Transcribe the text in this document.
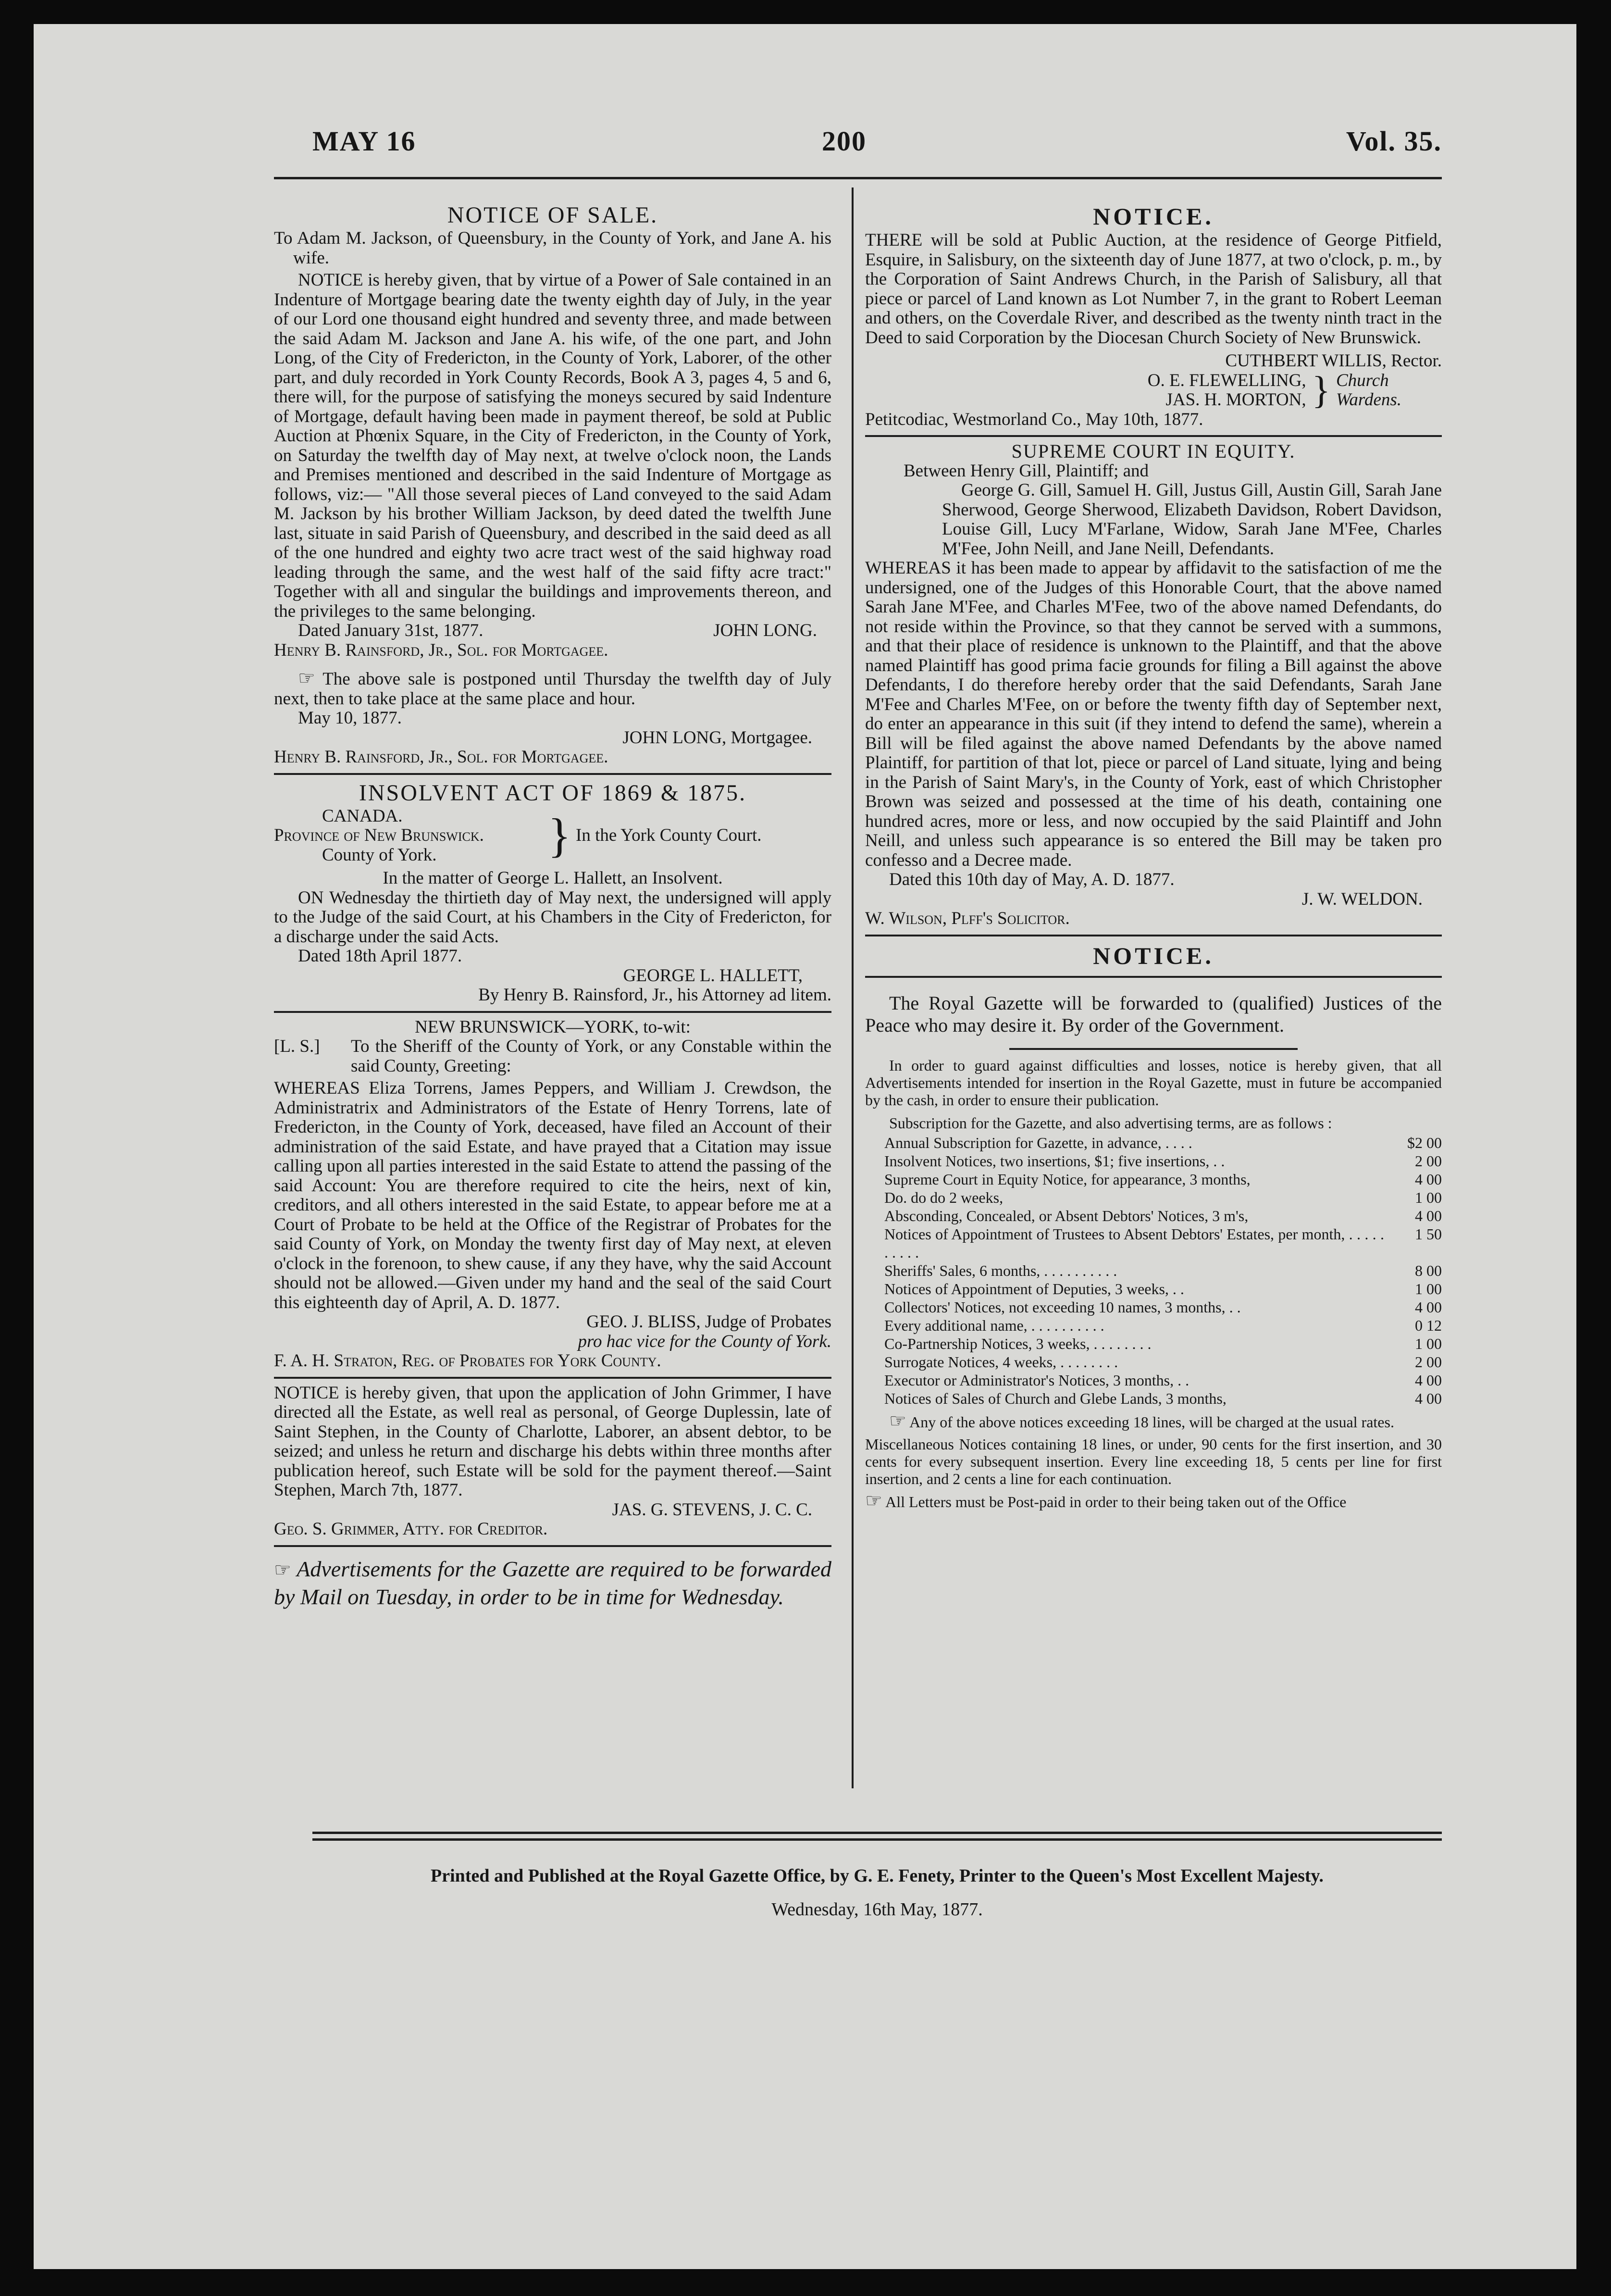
MAY 16	200	Vol. 35.

NOTICE OF SALE.

To Adam M. Jackson, of Queensbury, in the County of York, and Jane A. his wife.

NOTICE is hereby given, that by virtue of a Power of Sale contained in an Indenture of Mortgage bearing date the twenty eighth day of July, in the year of our Lord one thousand eight hundred and seventy three, and made between the said Adam M. Jackson and Jane A. his wife, of the one part, and John Long, of the City of Fredericton, in the County of York, Laborer, of the other part, and duly recorded in York County Records, Book A 3, pages 4, 5 and 6, there will, for the purpose of satisfying the moneys secured by said Indenture of Mortgage, default having been made in payment thereof, be sold at Public Auction at Phœnix Square, in the City of Fredericton, in the County of York, on Saturday the twelfth day of May next, at twelve o'clock noon, the Lands and Premises mentioned and described in the said Indenture of Mortgage as follows, viz:— "All those several pieces of Land conveyed to the said Adam M. Jackson by his brother William Jackson, by deed dated the twelfth June last, situate in said Parish of Queensbury, and described in the said deed as all of the one hundred and eighty two acre tract west of the said highway road leading through the same, and the west half of the said fifty acre tract:" Together with all and singular the buildings and improvements thereon, and the privileges to the same belonging.

Dated January 31st, 1877.	JOHN LONG.

Henry B. Rainsford, Jr., Sol. for Mortgagee.

☞ The above sale is postponed until Thursday the twelfth day of July next, then to take place at the same place and hour.

May 10, 1877.

JOHN LONG, Mortgagee.

Henry B. Rainsford, Jr., Sol. for Mortgagee.

INSOLVENT ACT OF 1869 & 1875.

CANADA.

Province of New Brunswick.

County of York.	} In the York County Court.

In the matter of George L. Hallett, an Insolvent.

ON Wednesday the thirtieth day of May next, the undersigned will apply to the Judge of the said Court, at his Chambers in the City of Fredericton, for a discharge under the said Acts.

Dated 18th April 1877.

GEORGE L. HALLETT,

By Henry B. Rainsford, Jr., his Attorney ad litem.

NEW BRUNSWICK—YORK, to-wit:

[L. S.]	To the Sheriff of the County of York, or any Constable within the said County, Greeting:

WHEREAS Eliza Torrens, James Peppers, and William J. Crewdson, the Administratrix and Administrators of the Estate of Henry Torrens, late of Fredericton, in the County of York, deceased, have filed an Account of their administration of the said Estate, and have prayed that a Citation may issue calling upon all parties interested in the said Estate to attend the passing of the said Account: You are therefore required to cite the heirs, next of kin, creditors, and all others interested in the said Estate, to appear before me at a Court of Probate to be held at the Office of the Registrar of Probates for the said County of York, on Monday the twenty first day of May next, at eleven o'clock in the forenoon, to shew cause, if any they have, why the said Account should not be allowed.—Given under my hand and the seal of the said Court this eighteenth day of April, A. D. 1877.

GEO. J. BLISS, Judge of Probates

pro hac vice for the County of York.

F. A. H. Straton, Reg. of Probates for York County.

NOTICE is hereby given, that upon the application of John Grimmer, I have directed all the Estate, as well real as personal, of George Duplessin, late of Saint Stephen, in the County of Charlotte, Laborer, an absent debtor, to be seized; and unless he return and discharge his debts within three months after publication hereof, such Estate will be sold for the payment thereof.—Saint Stephen, March 7th, 1877.

JAS. G. STEVENS, J. C. C.

Geo. S. Grimmer, Atty. for Creditor.

☞ Advertisements for the Gazette are required to be forwarded by Mail on Tuesday, in order to be in time for Wednesday.

NOTICE.

THERE will be sold at Public Auction, at the residence of George Pitfield, Esquire, in Salisbury, on the sixteenth day of June 1877, at two o'clock, p. m., by the Corporation of Saint Andrews Church, in the Parish of Salisbury, all that piece or parcel of Land known as Lot Number 7, in the grant to Robert Leeman and others, on the Coverdale River, and described as the twenty ninth tract in the Deed to said Corporation by the Diocesan Church Society of New Brunswick.

CUTHBERT WILLIS, Rector.

O. E. FLEWELLING,

JAS. H. MORTON, } Church

Wardens.

Petitcodiac, Westmorland Co., May 10th, 1877.

SUPREME COURT IN EQUITY.

Between Henry Gill, Plaintiff; and

George G. Gill, Samuel H. Gill, Justus Gill, Austin Gill, Sarah Jane Sherwood, George Sherwood, Elizabeth Davidson, Robert Davidson, Louise Gill, Lucy M'Farlane, Widow, Sarah Jane M'Fee, Charles M'Fee, John Neill, and Jane Neill, Defendants.

WHEREAS it has been made to appear by affidavit to the satisfaction of me the undersigned, one of the Judges of this Honorable Court, that the above named Sarah Jane M'Fee, and Charles M'Fee, two of the above named Defendants, do not reside within the Province, so that they cannot be served with a summons, and that their place of residence is unknown to the Plaintiff, and that the above named Plaintiff has good prima facie grounds for filing a Bill against the above Defendants, I do therefore hereby order that the said Defendants, Sarah Jane M'Fee and Charles M'Fee, on or before the twenty fifth day of September next, do enter an appearance in this suit (if they intend to defend the same), wherein a Bill will be filed against the above named Defendants by the above named Plaintiff, for partition of that lot, piece or parcel of Land situate, lying and being in the Parish of Saint Mary's, in the County of York, east of which Christopher Brown was seized and possessed at the time of his death, containing one hundred acres, more or less, and now occupied by the said Plaintiff and John Neill, and unless such appearance is so entered the Bill may be taken pro confesso and a Decree made.

Dated this 10th day of May, A. D. 1877.

J. W. WELDON.

W. Wilson, Plff's Solicitor.

NOTICE.

The Royal Gazette will be forwarded to (qualified) Justices of the Peace who may desire it. By order of the Government.

In order to guard against difficulties and losses, notice is hereby given, that all Advertisements intended for insertion in the Royal Gazette, must in future be accompanied by the cash, in order to ensure their publication.

Subscription for the Gazette, and also advertising terms, are as follows :

Annual Subscription for Gazette, in advance, . . . .	$2 00
Insolvent Notices, two insertions, $1; five insertions, . .	2 00
Supreme Court in Equity Notice, for appearance, 3 months,	4 00
Do. do do 2 weeks,	1 00
Absconding, Concealed, or Absent Debtors' Notices, 3 m's,	4 00
Notices of Appointment of Trustees to Absent Debtors' Estates, per month, . . . . . . . . . .
1 50
Sheriffs' Sales, 6 months, . . . . . . . . . .	8 00
Notices of Appointment of Deputies, 3 weeks, . .	1 00
Collectors' Notices, not exceeding 10 names, 3 months, . .	4 00
Every additional name, . . . . . . . . . .	0 12
Co-Partnership Notices, 3 weeks, . . . . . . . .	1 00
Surrogate Notices, 4 weeks, . . . . . . . .	2 00
Executor or Administrator's Notices, 3 months, . .	4 00
Notices of Sales of Church and Glebe Lands, 3 months,	4 00

☞ Any of the above notices exceeding 18 lines, will be charged at the usual rates.

Miscellaneous Notices containing 18 lines, or under, 90 cents for the first insertion, and 30 cents for every subsequent insertion. Every line exceeding 18, 5 cents per line for first insertion, and 2 cents a line for each continuation.

☞ All Letters must be Post-paid in order to their being taken out of the Office

Printed and Published at the Royal Gazette Office, by G. E. Fenety, Printer to the Queen's Most Excellent Majesty.
Wednesday, 16th May, 1877.
